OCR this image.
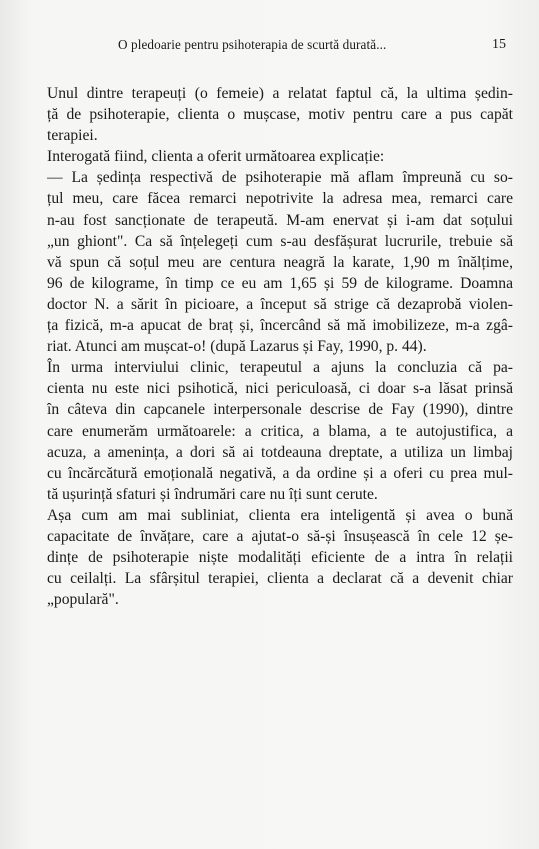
O pledoarie pentru psihoterapia de scurtă durată...	15
Unul dintre terapeuți (o femeie) a relatat faptul că, la ultima ședin-
ță de psihoterapie, clienta o mușcase, motiv pentru care a pus capăt
terapiei.
Interogată fiind, clienta a oferit următoarea explicație:
— La ședința respectivă de psihoterapie mă aflam împreună cu so-
țul meu, care făcea remarci nepotrivite la adresa mea, remarci care
n-au fost sancționate de terapeută. M-am enervat și i-am dat soțului
„un ghiont". Ca să înțelegeți cum s-au desfășurat lucrurile, trebuie să
vă spun că soțul meu are centura neagră la karate, 1,90 m înălțime,
96 de kilograme, în timp ce eu am 1,65 și 59 de kilograme. Doamna
doctor N. a sărit în picioare, a început să strige că dezaprobă violen-
ța fizică, m-a apucat de braț și, încercând să mă imobilizeze, m-a zgâ-
riat. Atunci am mușcat-o! (după Lazarus și Fay, 1990, p. 44).
În urma interviului clinic, terapeutul a ajuns la concluzia că pa-
cienta nu este nici psihotică, nici periculoasă, ci doar s-a lăsat prinsă
în câteva din capcanele interpersonale descrise de Fay (1990), dintre
care enumerăm următoarele: a critica, a blama, a te autojustifica, a
acuza, a amenința, a dori să ai totdeauna dreptate, a utiliza un limbaj
cu încărcătură emoțională negativă, a da ordine și a oferi cu prea mul-
tă ușurință sfaturi și îndrumări care nu îți sunt cerute.
Așa cum am mai subliniat, clienta era inteligentă și avea o bună
capacitate de învățare, care a ajutat-o să-și însușească în cele 12 șe-
dințe de psihoterapie niște modalități eficiente de a intra în relații
cu ceilalți. La sfârșitul terapiei, clienta a declarat că a devenit chiar
„populară".
